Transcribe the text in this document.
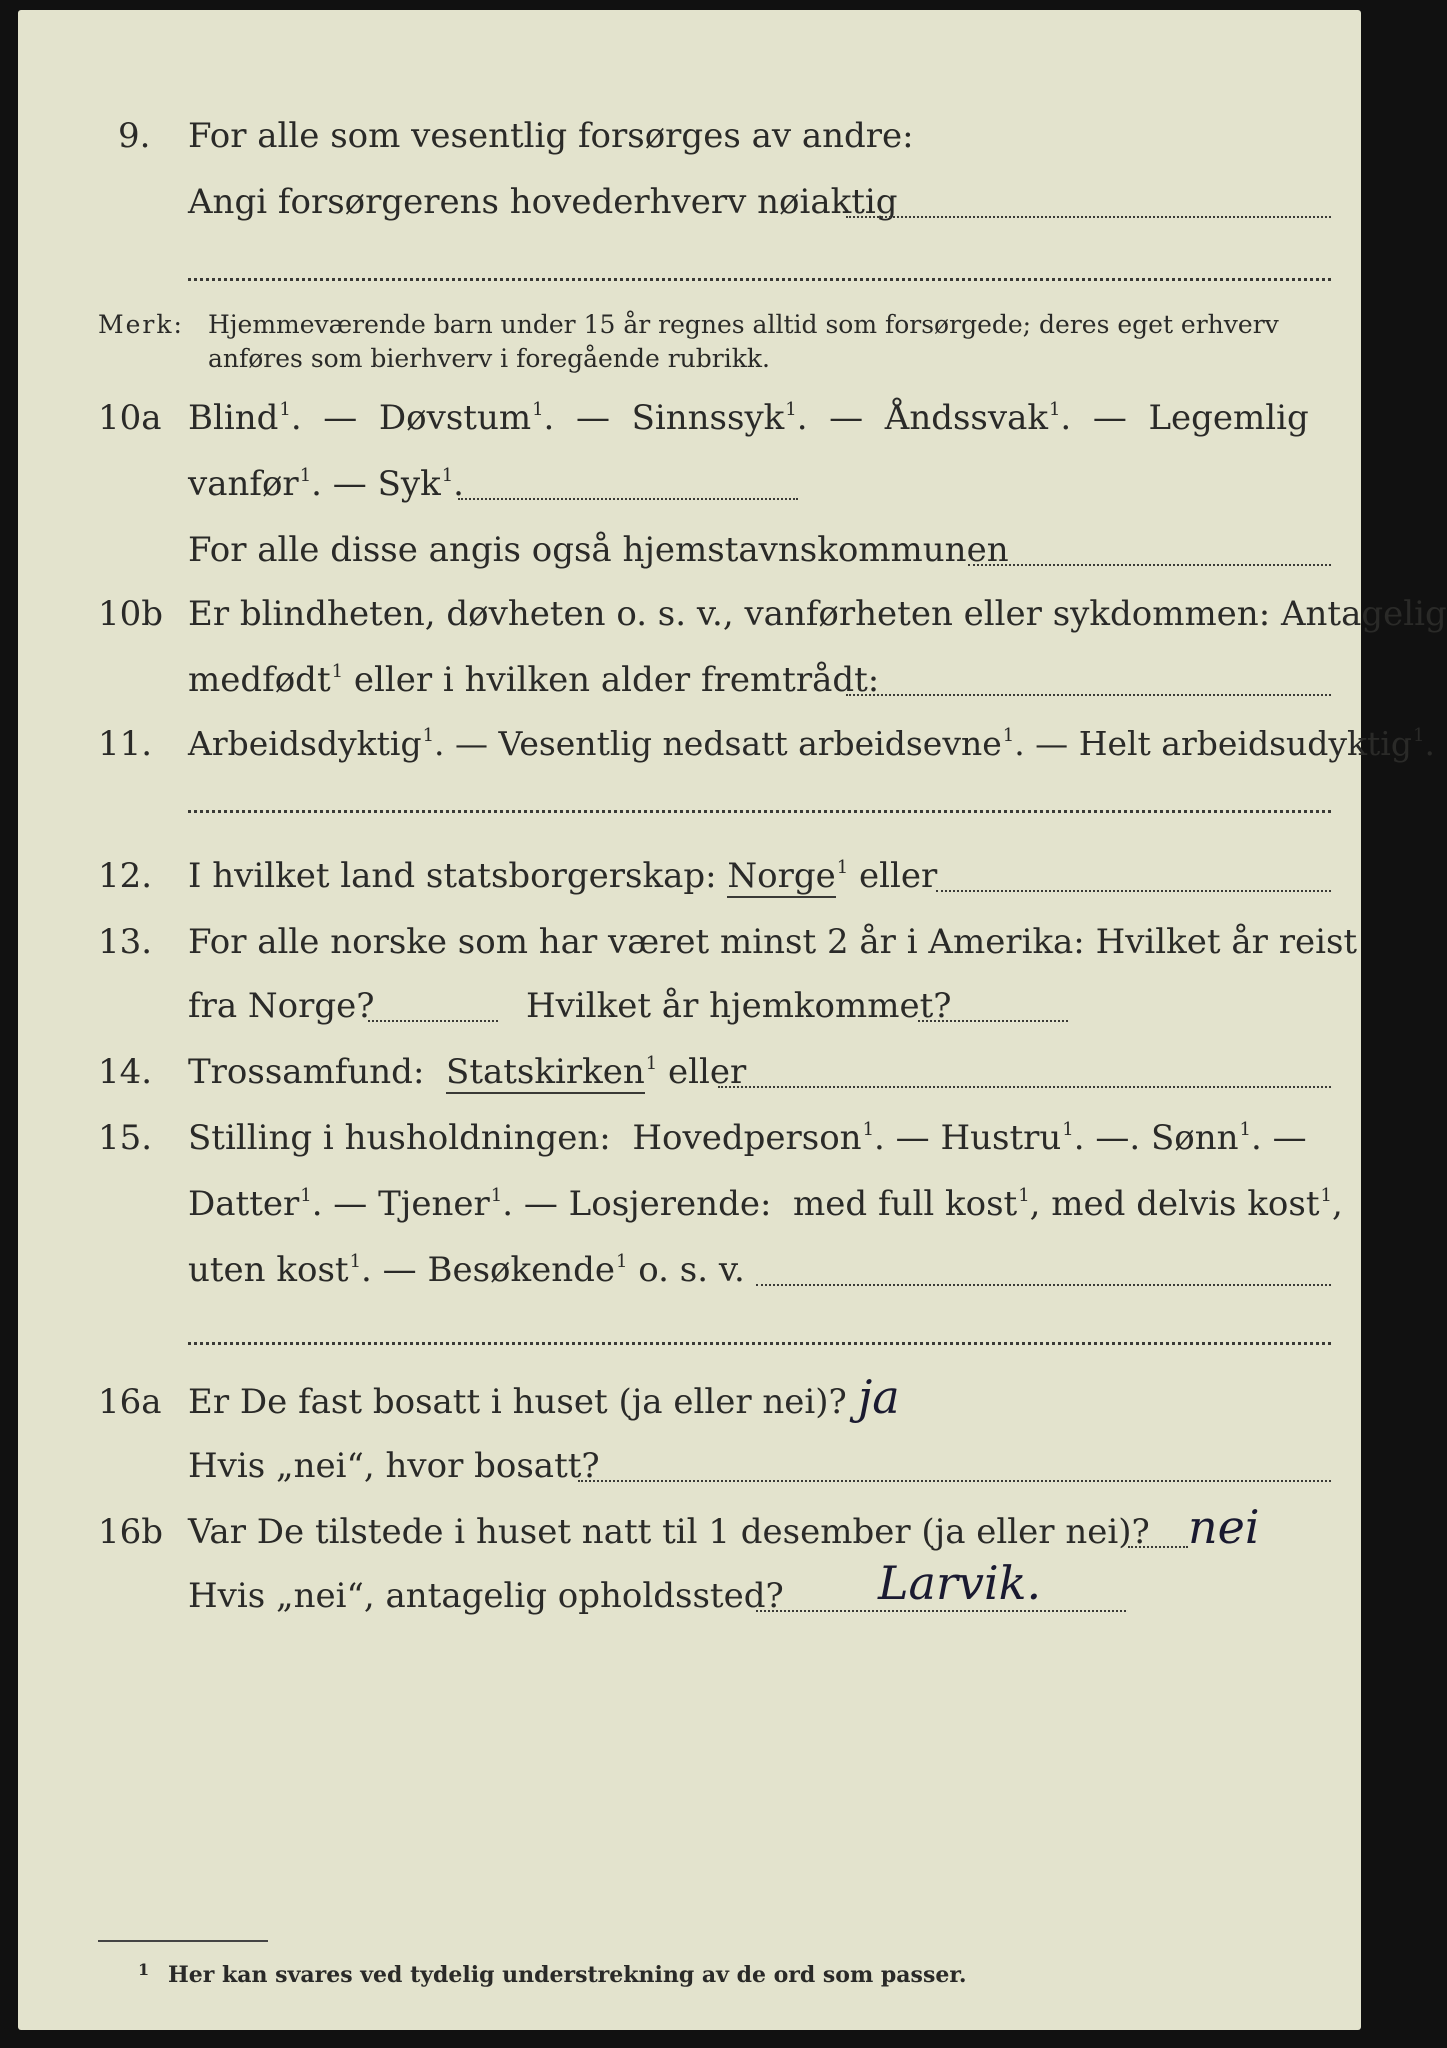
9. For alle som vesentlig forsørges av andre:
Angi forsørgerens hovederhverv nøiaktig
Merk: Hjemmeværende barn under 15 år regnes alltid som forsørgede; deres eget erhverv
anføres som bierhverv i foregående rubrikk.
10a Blind$^1$.  —  Døvstum$^1$.  —  Sinnssyk$^1$.  —  Åndssvak$^1$.  —  Legemlig
vanfør$^1$. — Syk$^1$.
For alle disse angis også hjemstavnskommunen
10b Er blindheten, døvheten o. s. v., vanførheten eller sykdommen: Antagelig
medfødt$^1$ eller i hvilken alder fremtrådt:
11. Arbeidsdyktig$^1$. — Vesentlig nedsatt arbeidsevne$^1$. — Helt arbeidsudyktig$^1$.
12. I hvilket land statsborgerskap: Norge$^1$ eller
13. For alle norske som har været minst 2 år i Amerika: Hvilket år reist
fra Norge?	Hvilket år hjemkommet?
14. Trossamfund: Statskirken$^1$ eller
15. Stilling i husholdningen: Hovedperson$^1$. — Hustru$^1$. —. Sønn$^1$. —
Datter$^1$. — Tjener$^1$. — Losjerende: med full kost$^1$, med delvis kost$^1$,
uten kost$^1$. — Besøkende$^1$ o. s. v.
16a Er De fast bosatt i huset (ja eller nei)? ja
Hvis „nei“, hvor bosatt?
16b Var De tilstede i huset natt til 1 desember (ja eller nei)? nei
Hvis „nei“, antagelig opholdssted? Larvik.
1 Her kan svares ved tydelig understrekning av de ord som passer.
